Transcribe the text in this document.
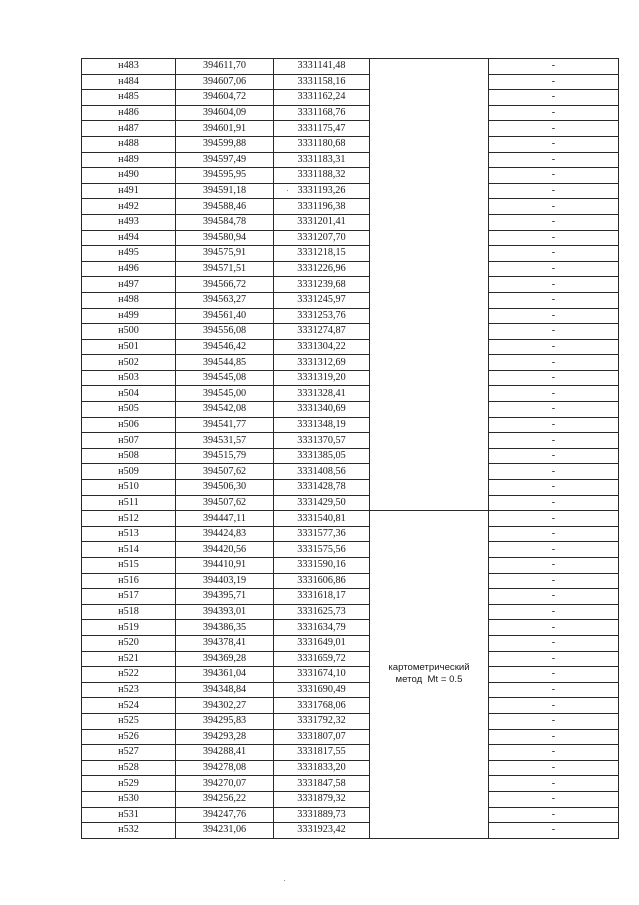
н483	394611,70	3331141,48		-
н484	394607,06	3331158,16		-
н485	394604,72	3331162,24		-
н486	394604,09	3331168,76		-
н487	394601,91	3331175,47		-
н488	394599,88	3331180,68		-
н489	394597,49	3331183,31		-
н490	394595,95	3331188,32		-
н491	394591,18	3331193,26		-
н492	394588,46	3331196,38		-
н493	394584,78	3331201,41		-
н494	394580,94	3331207,70		-
н495	394575,91	3331218,15		-
н496	394571,51	3331226,96		-
н497	394566,72	3331239,68		-
н498	394563,27	3331245,97		-
н499	394561,40	3331253,76		-
н500	394556,08	3331274,87		-
н501	394546,42	3331304,22		-
н502	394544,85	3331312,69		-
н503	394545,08	3331319,20		-
н504	394545,00	3331328,41		-
н505	394542,08	3331340,69		-
н506	394541,77	3331348,19		-
н507	394531,57	3331370,57		-
н508	394515,79	3331385,05		-
н509	394507,62	3331408,56		-
н510	394506,30	3331428,78		-
н511	394507,62	3331429,50		-
н512	394447,11	3331540,81	картометрический
метод  Mt = 0.5	-
н513	394424,83	3331577,36		-
н514	394420,56	3331575,56		-
н515	394410,91	3331590,16		-
н516	394403,19	3331606,86		-
н517	394395,71	3331618,17		-
н518	394393,01	3331625,73		-
н519	394386,35	3331634,79		-
н520	394378,41	3331649,01		-
н521	394369,28	3331659,72		-
н522	394361,04	3331674,10		-
н523	394348,84	3331690,49		-
н524	394302,27	3331768,06		-
н525	394295,83	3331792,32		-
н526	394293,28	3331807,07		-
н527	394288,41	3331817,55		-
н528	394278,08	3331833,20		-
н529	394270,07	3331847,58		-
н530	394256,22	3331879,32		-
н531	394247,76	3331889,73		-
н532	394231,06	3331923,42		-
